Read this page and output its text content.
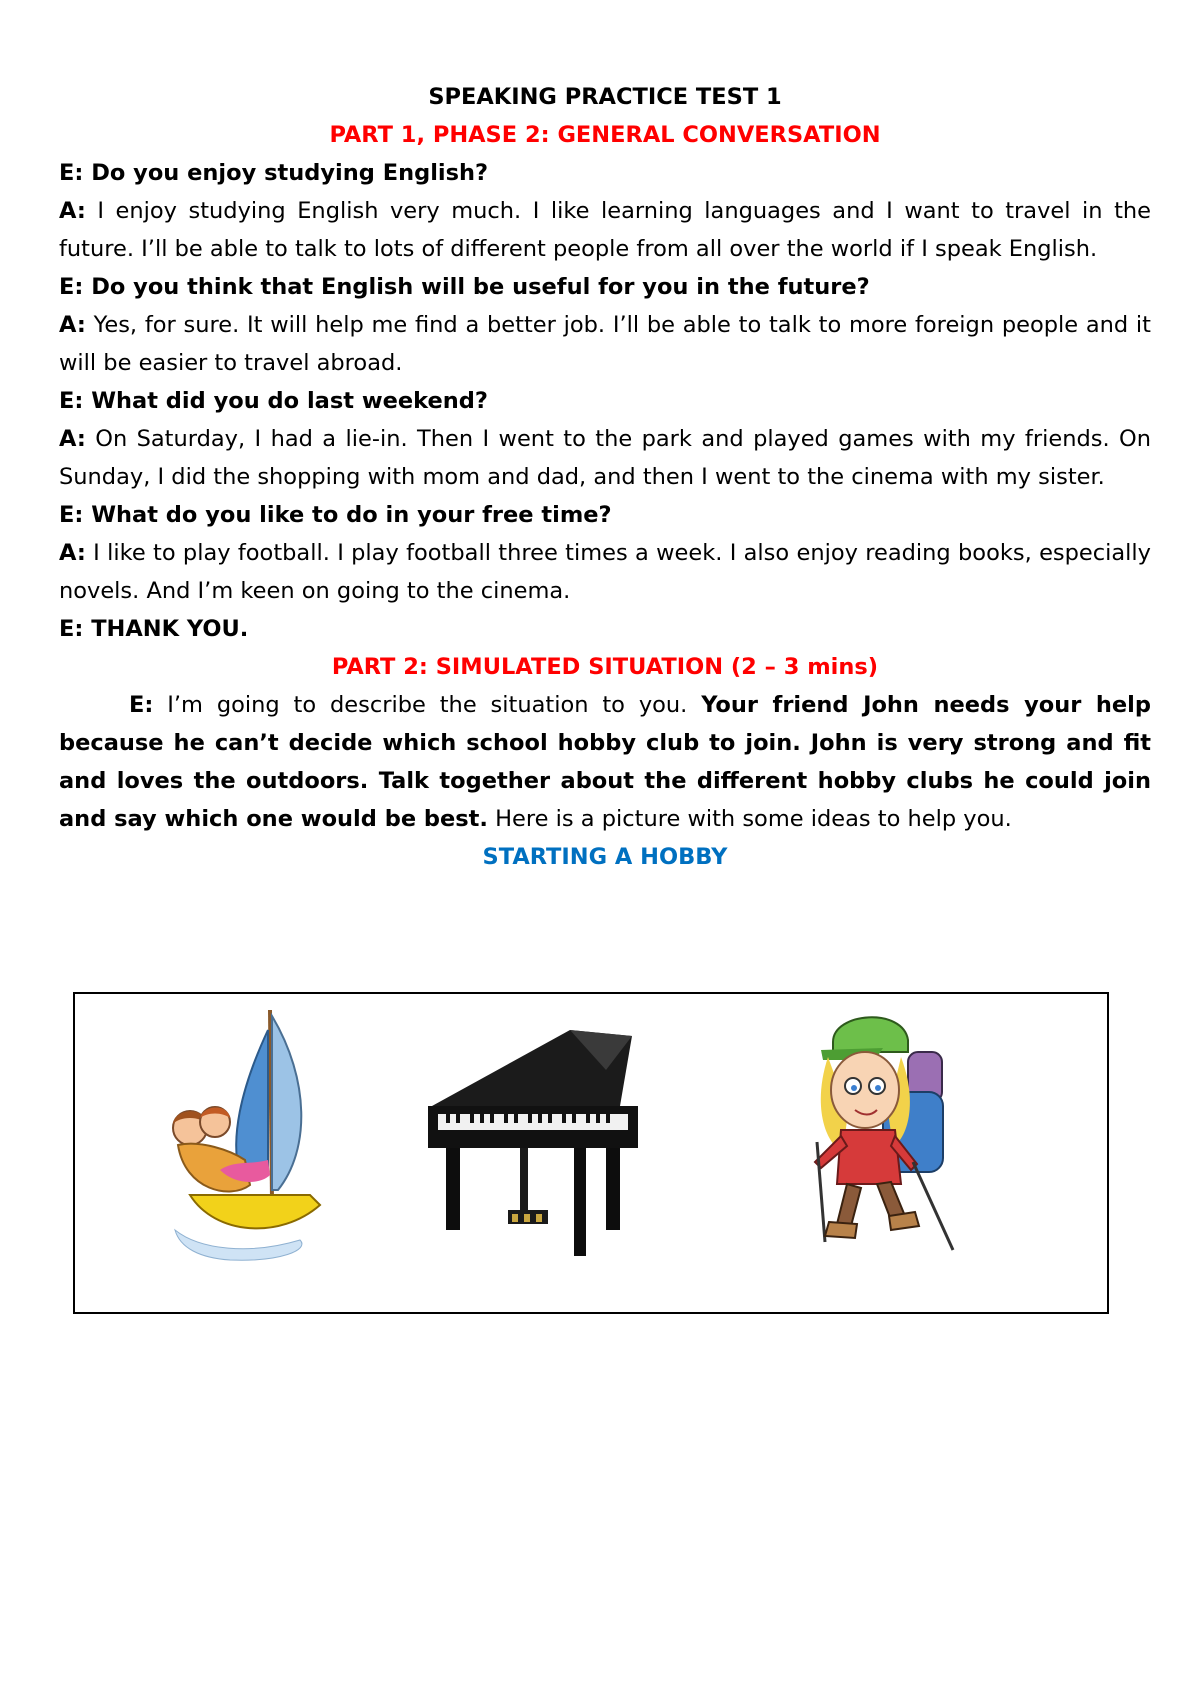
SPEAKING PRACTICE TEST 1

PART 1, PHASE 2: GENERAL CONVERSATION

E: Do you enjoy studying English?

A: I enjoy studying English very much. I like learning languages and I want to travel in the future. I’ll be able to talk to lots of different people from all over the world if I speak English.

E: Do you think that English will be useful for you in the future?

A: Yes, for sure. It will help me find a better job. I’ll be able to talk to more foreign people and it will be easier to travel abroad.

E: What did you do last weekend?

A: On Saturday, I had a lie-in. Then I went to the park and played games with my friends. On Sunday, I did the shopping with mom and dad, and then I went to the cinema with my sister.

E: What do you like to do in your free time?

A: I like to play football. I play football three times a week. I also enjoy reading books, especially novels. And I’m keen on going to the cinema.

E: THANK YOU.

PART 2: SIMULATED SITUATION (2 – 3 mins)

E: I’m going to describe the situation to you. Your friend John needs your help because he can’t decide which school hobby club to join. John is very strong and fit and loves the outdoors. Talk together about the different hobby clubs he could join and say which one would be best. Here is a picture with some ideas to help you.

STARTING A HOBBY
